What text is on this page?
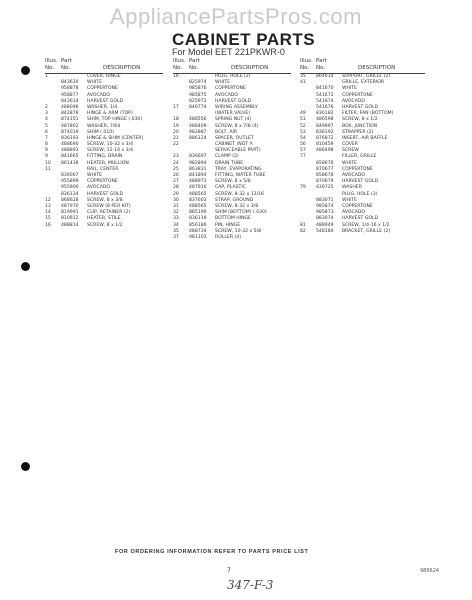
AppliancePartsPros.com
CABINET PARTS
For Model EET 221PKWR-0
Illus.
No.
Part
No.	DESCRIPTION
1	COVER, HINGE
843630 WHITE
958878 COPPERTONE
958877 AVOCADO
843614 HARVEST GOLD
2	488096 WASHER, 1/4
3	842878 HINGE & ARM (TOP)
4	874151 SHIM, TOP HINGE (.030)
5	487802 WASHER, 7/64
6	874019 SHIM (.010)
7	836193 HINGE & SHIM (CENTER)
8	488690 SCREW, 10-32 x 3/4
9	488893 SCREW, 12-14 x 3/4
9	841665 FITTING, DRAIN
10	861438 HEATER, MULLION
11	RAIL, CENTER
836067 WHITE
955899 COPPERTONE
955900 AVOCADO
836134 HARVEST GOLD
12	868628 SCREW, 8 x 3/8
13	487970 SCREW (8 PER KIT)
14	819991 CLIP, RETAINER (2)
15	810912 HEATER, STILE
16	488814 SCREW, 8 x 1/2
Illus.
No.
Part
No.	DESCRIPTION
16	PLUG, HOLE (2)
825974 WHITE
985876 COPPERTONE
985875 AVOCADO
825972 HARVEST GOLD
17	846774 WIRING ASSEMBLY
(WATER VALVE)
18	488556 SPRING NUT (4)
19	488409 SCREW, 8 x 7/8 (4)
20	982887 BOLT, AIR
21	886124 SPACER, OUTLET
22	CABINET (NOT A
SERVICEABLE PART)
23	836697 CLAMP (2)
24	982894 DRAIN TUBE
25	863831 TRAY, EVAPORATING
26	841894 FITTING, WATER TUBE
27	488973 SCREW, 8 x 5/8
28	487916 CAP, PLASTIC
29	488565 SCREW, 8-32 x 13/16
30	837603 STRAP, GROUND
31	488565 SCREW, 8-32 x 3/8
32	885199 SHIM (BOTTOM) (.030)
33	836119 BOTTOM HINGE
34	856186 PIN, HINGE
35	488734 SCREW, 10-32 x 5/8
37	981103 ROLLER (4)
Illus.
No.
Part
No.	DESCRIPTION
35	864614 SUPPORT, GRILLE (2)
41	GRILLE, EXTERIOR
841670 WHITE
541672 COPPERTONE
541674 AVOCADO
541676 HARVEST GOLD
49	836182 FILTER, FAN (BOTTOM)
51	486598 SCREW, 8 x 1/2
52	849997 BOX, JUNCTION
53	836192 STRAPPER (2)
54	876872 INSERT, AIR BAFFLE
56	810459 COVER
57	486498 SCREW
77	FILLER, GRILLE
858676 WHITE
870677 COPPERTONE
858678 AVOCADO
870679 HARVEST GOLD
79	439725 WASHER
PLUG, HOLE (3)
883071 WHITE
985874 COPPERTONE
985873 AVOCADO
883074 HARVEST GOLD
81	488949 SCREW, 1/4-16 x 1/2
82	548180 BRACKET, GRILLE (2)
FOR ORDERING INFORMATION REFER TO PARTS PRICE LIST
7	986624
347-F-3
